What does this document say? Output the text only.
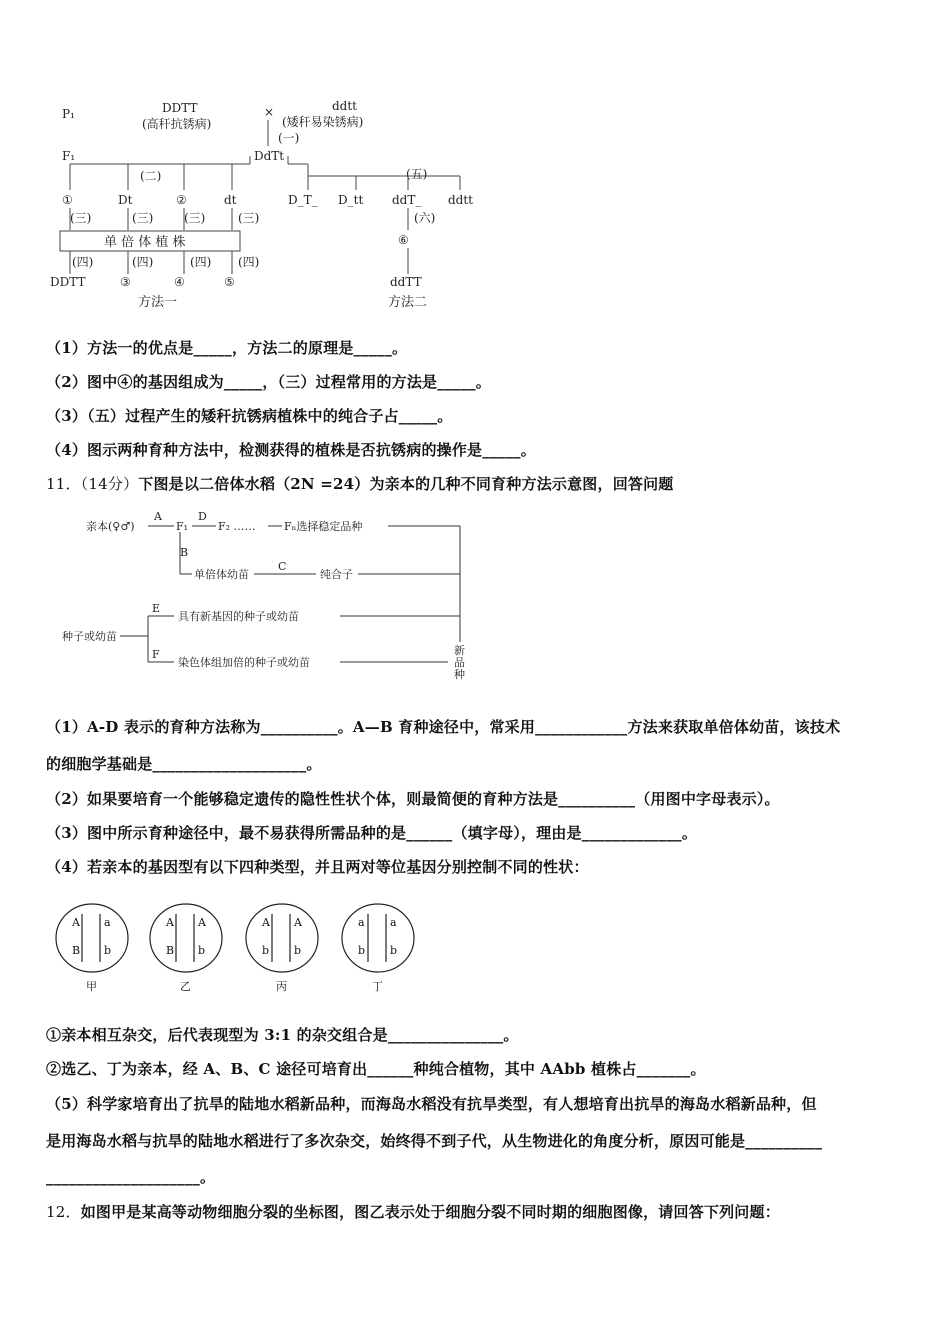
P₁
F₁
DDTT
(高秆抗锈病)
×	ddtt
(矮秆易染锈病)
(一)
DdTt
(二)	(五)
①	Dt	②	dt
(三)	(三)	(三)	(三)
单 倍 体 植 株
(四)	(四)	(四) (四)
DDTT	③	④	⑤
方法一
D_T_ D_tt ddT_ ddtt
(六)
⑥
ddTT
方法二
（1）方法一的优点是_____，方法二的原理是_____。
（2）图中④的基因组成为_____，（三）过程常用的方法是_____。
（3）（五）过程产生的矮秆抗锈病植株中的纯合子占_____。
（4）图示两种育种方法中，检测获得的植株是否抗锈病的操作是_____。
11．（14分）下图是以二倍体水稻（2N =24）为亲本的几种不同育种方法示意图，回答问题
亲本(♀♂)
A
F₁
D
F₂ ……	Fₙ选择稳定品种
B
单倍体幼苗
C
纯合子
种子或幼苗
E
具有新基因的种子或幼苗
F
染色体组加倍的种子或幼苗
新
品
种
（1）A-D 表示的育种方法称为__________。A—B 育种途径中，常采用____________方法来获取单倍体幼苗，该技术
的细胞学基础是____________________。
（2）如果要培育一个能够稳定遗传的隐性性状个体，则最简便的育种方法是__________（用图中字母表示）。
（3）图中所示育种途径中，最不易获得所需品种的是______（填字母），理由是_____________。
（4）若亲本的基因型有以下四种类型，并且两对等位基因分别控制不同的性状：
A a
B b
甲
A A
B b
乙
A A
b b
丙
a a
b b
丁
①亲本相互杂交，后代表现型为 3:1 的杂交组合是_______________。
②选乙、丁为亲本，经 A、B、C 途径可培育出______种纯合植物，其中 AAbb 植株占_______。
（5）科学家培育出了抗旱的陆地水稻新品种，而海岛水稻没有抗旱类型，有人想培育出抗旱的海岛水稻新品种，但
是用海岛水稻与抗旱的陆地水稻进行了多次杂交，始终得不到子代，从生物进化的角度分析，原因可能是__________
____________________。
12．如图甲是某高等动物细胞分裂的坐标图，图乙表示处于细胞分裂不同时期的细胞图像，请回答下列问题：
